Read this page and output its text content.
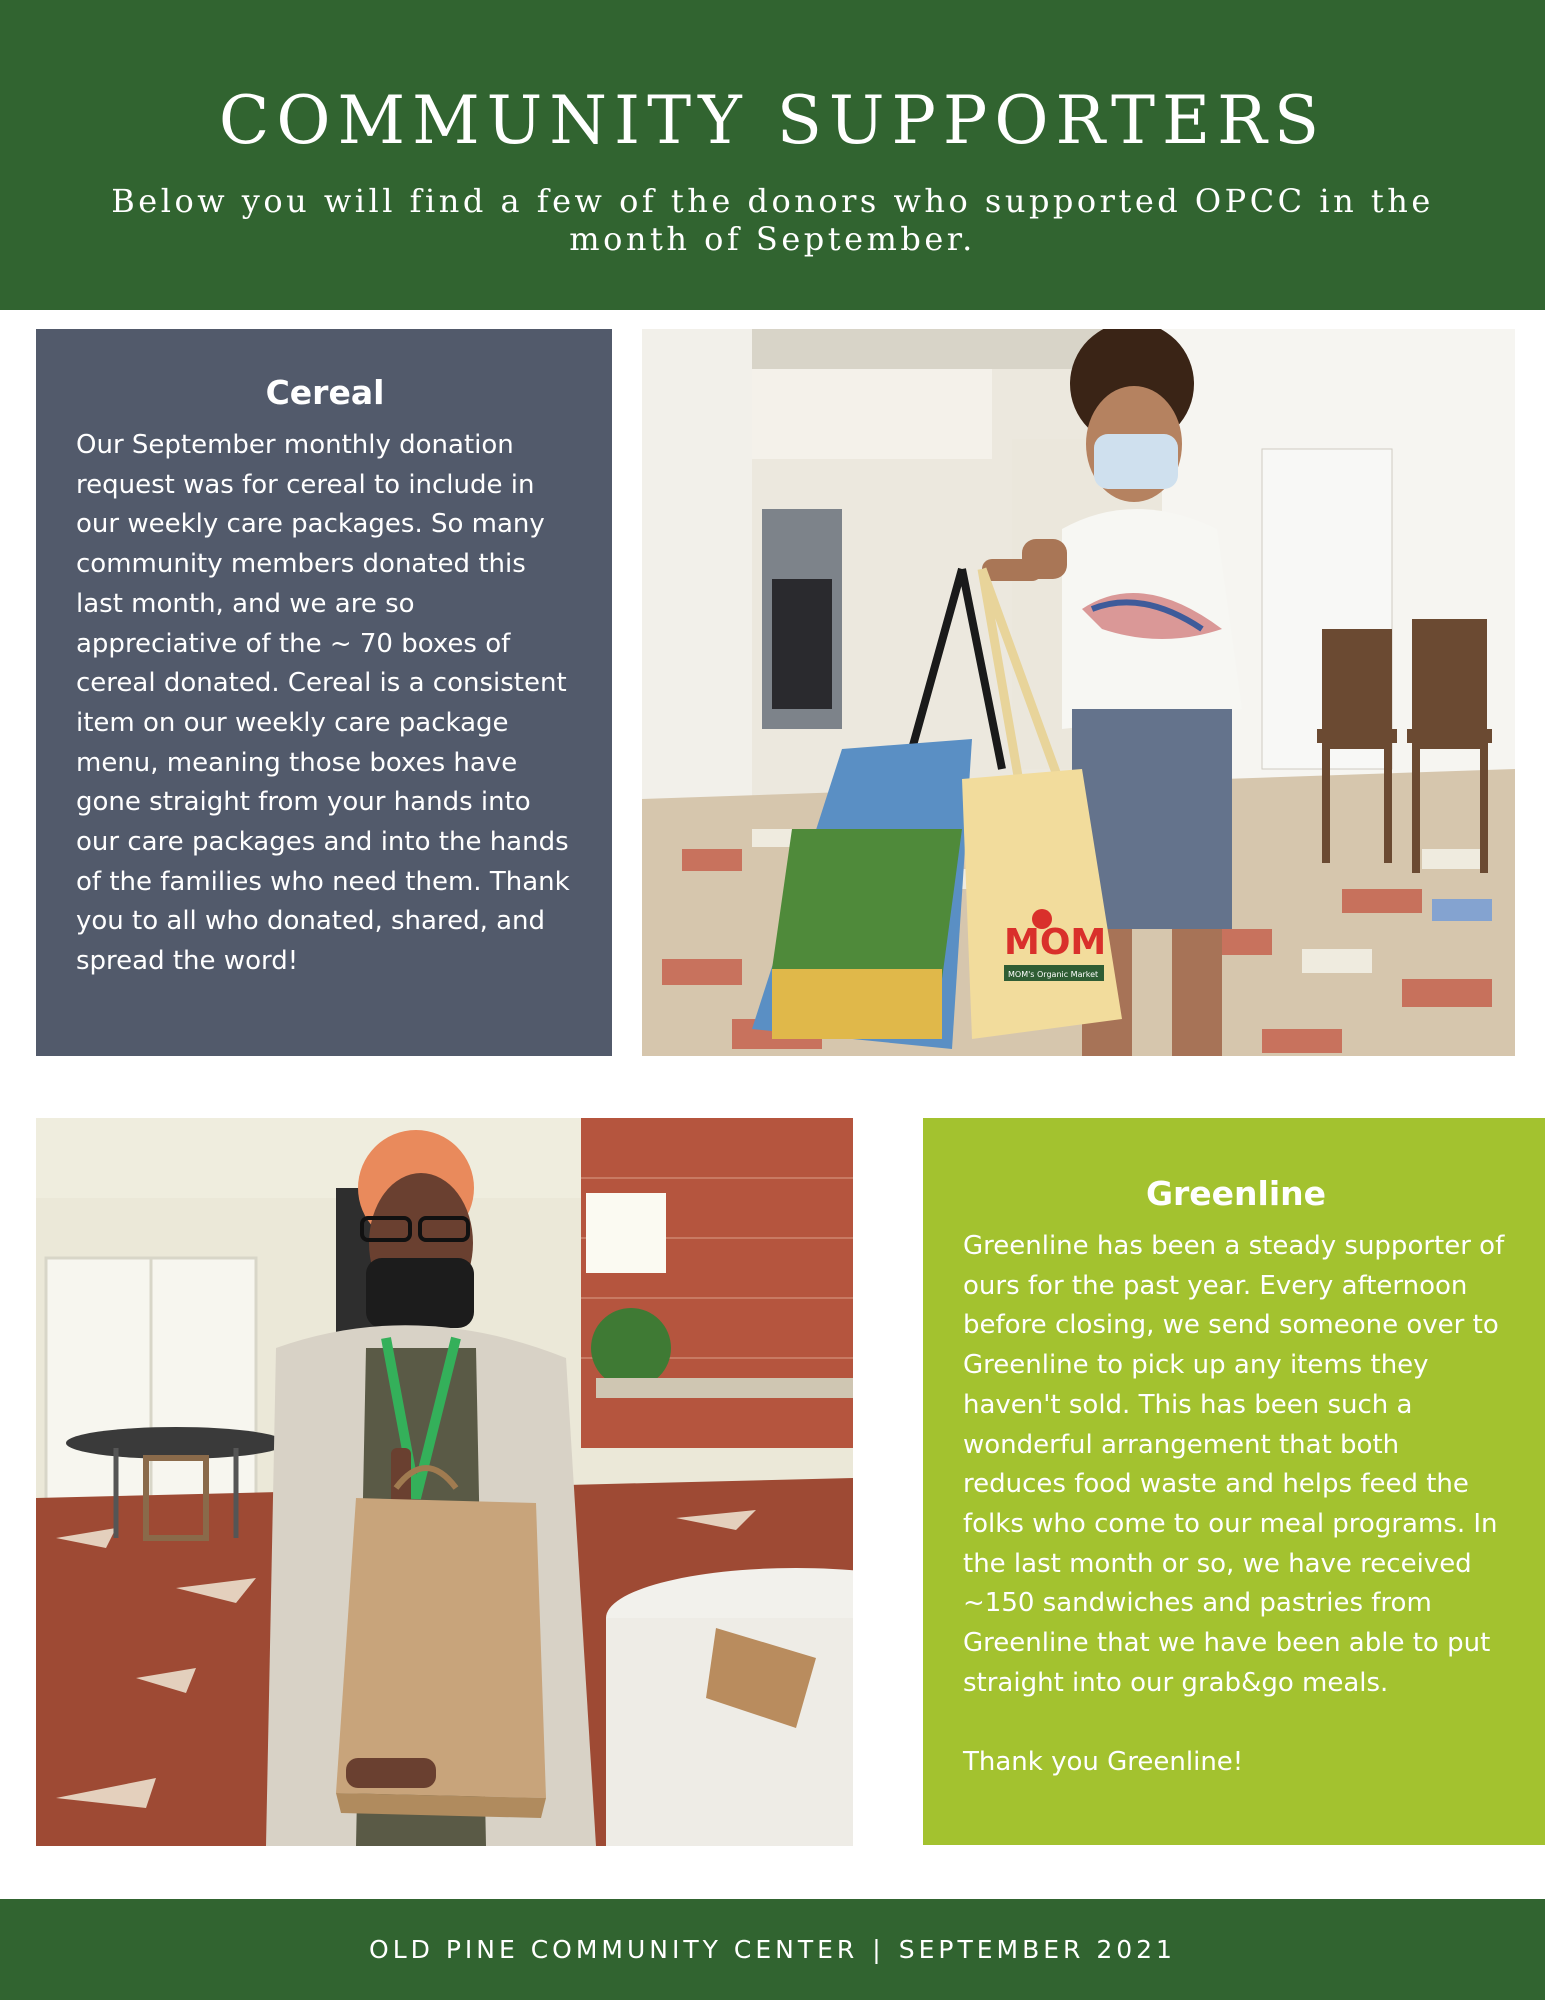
COMMUNITY SUPPORTERS

Below you will find a few of the donors who supported OPCC in the month of September.

Cereal
Our September monthly donation request was for cereal to include in our weekly care packages. So many community members donated this last month, and we are so appreciative of the ~ 70 boxes of cereal donated. Cereal is a consistent item on our weekly care package menu, meaning those boxes have gone straight from your hands into our care packages and into the hands of the families who need them. Thank you to all who donated, shared, and spread the word!	MOM
MOM's Organic Market
Greenline
Greenline has been a steady supporter of ours for the past year. Every afternoon before closing, we send someone over to Greenline to pick up any items they haven't sold. This has been such a wonderful arrangement that both reduces food waste and helps feed the folks who come to our meal programs. In the last month or so, we have received ~150 sandwiches and pastries from Greenline that we have been able to put straight into our grab&go meals.

Thank you Greenline!
OLD PINE COMMUNITY CENTER | SEPTEMBER 2021
